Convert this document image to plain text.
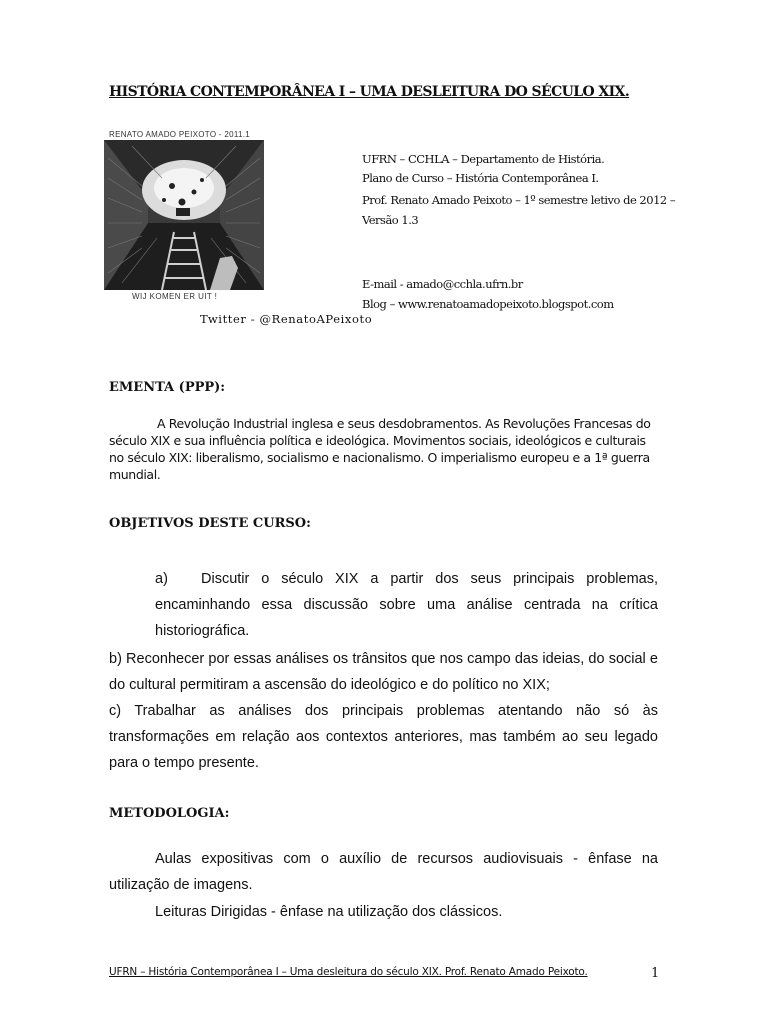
HISTÓRIA CONTEMPORÂNEA I – UMA DESLEITURA DO SÉCULO XIX.
RENATO AMADO PEIXOTO - 2011.1
WIJ KOMEN ER UIT !
UFRN – CCHLA – Departamento de História.
Plano de Curso – História Contemporânea I.
Prof. Renato Amado Peixoto – 1º semestre letivo de 2012 –
Versão 1.3
E-mail - amado@cchla.ufrn.br
Blog – www.renatoamadopeixoto.blogspot.com
Twitter - @RenatoAPeixoto
EMENTA (PPP):
A Revolução Industrial inglesa e seus desdobramentos. As Revoluções Francesas do século XIX e sua influência política e ideológica. Movimentos sociais, ideológicos e culturais no século XIX: liberalismo, socialismo e nacionalismo. O imperialismo europeu e a 1ª guerra mundial.
OBJETIVOS DESTE CURSO:
a) Discutir o século XIX a partir dos seus principais problemas, encaminhando essa discussão sobre uma análise centrada na crítica historiográfica.
b) Reconhecer por essas análises os trânsitos que nos campo das ideias, do social e do cultural permitiram a ascensão do ideológico e do político no XIX;
c) Trabalhar as análises dos principais problemas atentando não só às transformações em relação aos contextos anteriores, mas também ao seu legado para o tempo presente.
METODOLOGIA:
Aulas expositivas com o auxílio de recursos audiovisuais - ênfase na utilização de imagens.
Leituras Dirigidas - ênfase na utilização dos clássicos.
UFRN – História Contemporânea I – Uma desleitura do século XIX. Prof. Renato Amado Peixoto.	1
